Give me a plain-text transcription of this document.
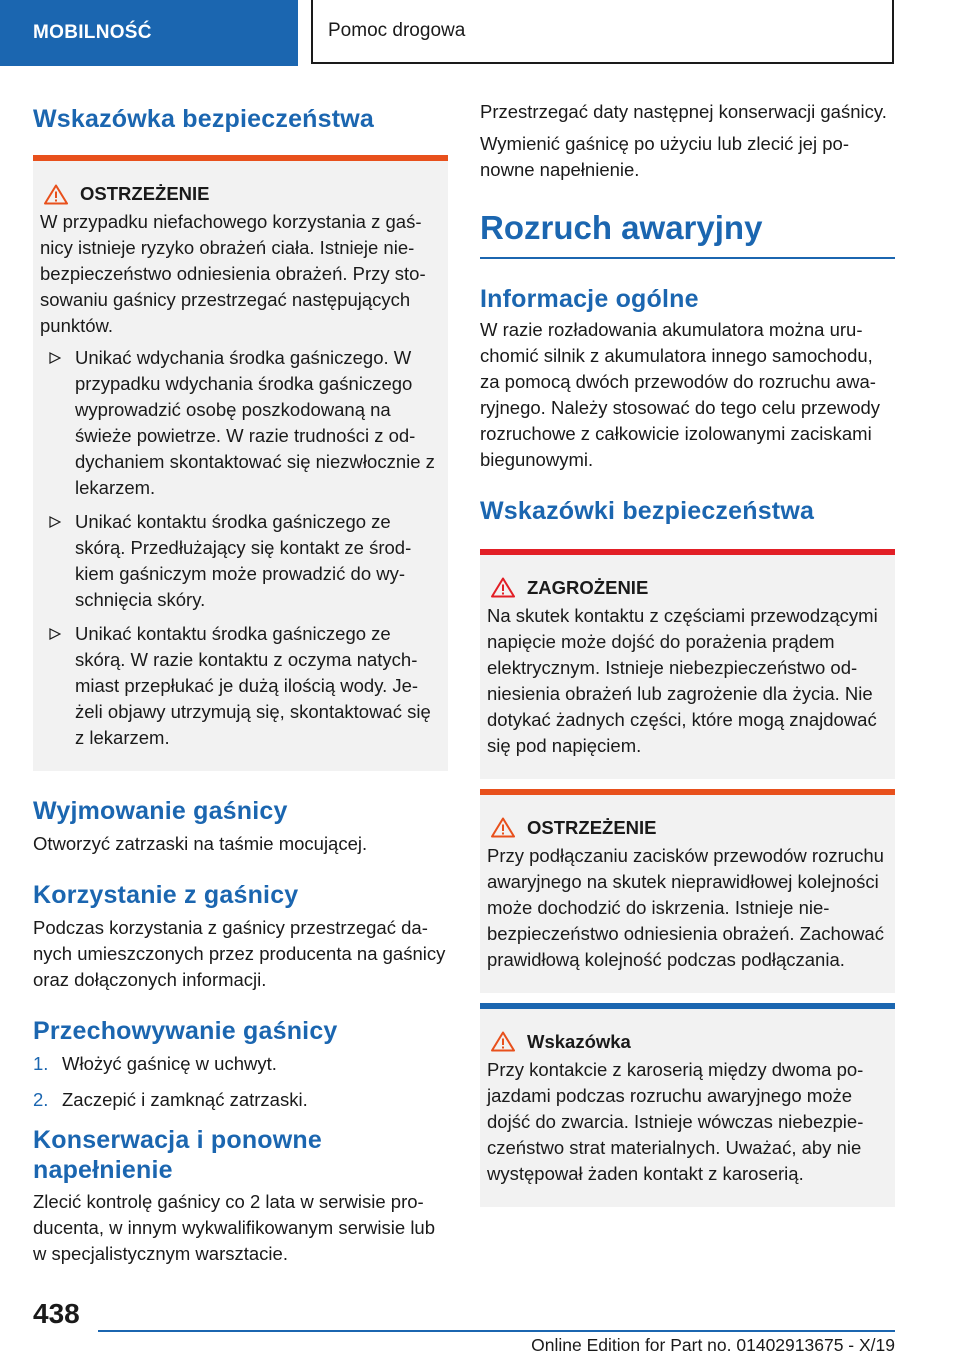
MOBILNOŚĆ	Pomoc drogowa
Wskazówka bezpieczeństwa
OSTRZEŻENIE

W przypadku niefachowego korzystania z gaśnicy istnieje ryzyko obrażeń ciała. Istnieje niebezpieczeństwo odniesienia obrażeń. Przy stosowaniu gaśnicy przestrzegać następujących punktów.

Unikać wdychania środka gaśniczego. W przypadku wdychania środka gaśniczego wyprowadzić osobę poszkodowaną na świeże powietrze. W razie trudności z oddychaniem skontaktować się niezwłocznie z lekarzem.
Unikać kontaktu środka gaśniczego ze skórą. Przedłużający się kontakt ze środkiem gaśniczym może prowadzić do wyschnięcia skóry.
Unikać kontaktu środka gaśniczego ze skórą. W razie kontaktu z oczyma natychmiast przepłukać je dużą ilością wody. Jeżeli objawy utrzymują się, skontaktować się z lekarzem.
Wyjmowanie gaśnicy

Otworzyć zatrzaski na taśmie mocującej.

Korzystanie z gaśnicy

Podczas korzystania z gaśnicy przestrzegać danych umieszczonych przez producenta na gaśnicy oraz dołączonych informacji.

Przechowywanie gaśnicy
1. Włożyć gaśnicę w uchwyt.
2. Zaczepić i zamknąć zatrzaski.
Konserwacja i ponowne
napełnienie

Zlecić kontrolę gaśnicy co 2 lata w serwisie producenta, w innym wykwalifikowanym serwisie lub w specjalistycznym warsztacie.

Przestrzegać daty następnej konserwacji gaśnicy.

Wymienić gaśnicę po użyciu lub zlecić jej ponowne napełnienie.

Rozruch awaryjny
Informacje ogólne

W razie rozładowania akumulatora można uruchomić silnik z akumulatora innego samochodu, za pomocą dwóch przewodów do rozruchu awaryjnego. Należy stosować do tego celu przewody rozruchowe z całkowicie izolowanymi zaciskami biegunowymi.

Wskazówki bezpieczeństwa
ZAGROŻENIE

Na skutek kontaktu z częściami przewodzącymi napięcie może dojść do porażenia prądem elektrycznym. Istnieje niebezpieczeństwo odniesienia obrażeń lub zagrożenie dla życia. Nie dotykać żadnych części, które mogą znajdować się pod napięciem.

OSTRZEŻENIE

Przy podłączaniu zacisków przewodów rozruchu awaryjnego na skutek nieprawidłowej kolejności może dochodzić do iskrzenia. Istnieje niebezpieczeństwo odniesienia obrażeń. Zachować prawidłową kolejność podczas podłączania.

Wskazówka

Przy kontakcie z karoserią między dwoma pojazdami podczas rozruchu awaryjnego może dojść do zwarcia. Istnieje wówczas niebezpieczeństwo strat materialnych. Uważać, aby nie występował żaden kontakt z karoserią.

438
Online Edition for Part no. 01402913675 - X/19
